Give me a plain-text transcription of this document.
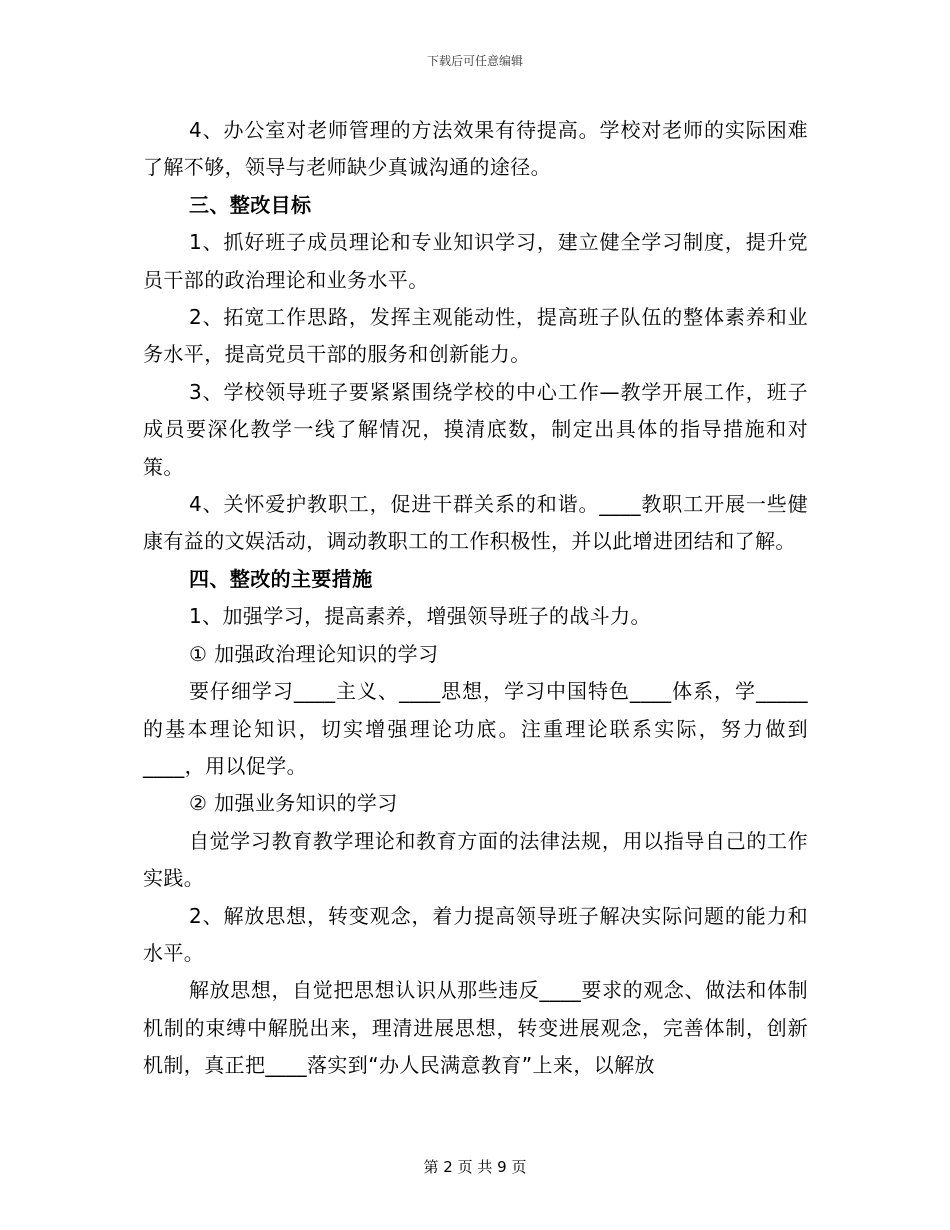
下载后可任意编辑

4、办公室对老师管理的方法效果有待提高。学校对老师的实际困难了解不够，领导与老师缺少真诚沟通的途径。

三、整改目标

1、抓好班子成员理论和专业知识学习，建立健全学习制度，提升党员干部的政治理论和业务水平。

2、拓宽工作思路，发挥主观能动性，提高班子队伍的整体素养和业务水平，提高党员干部的服务和创新能力。

3、学校领导班子要紧紧围绕学校的中心工作—教学开展工作，班子成员要深化教学一线了解情况，摸清底数，制定出具体的指导措施和对策。

4、关怀爱护教职工，促进干群关系的和谐。____教职工开展一些健康有益的文娱活动，调动教职工的工作积极性，并以此增进团结和了解。

四、整改的主要措施

1、加强学习，提高素养，增强领导班子的战斗力。

① 加强政治理论知识的学习

要仔细学习____主义、____思想，学习中国特色____体系，学_____的基本理论知识，切实增强理论功底。注重理论联系实际，努力做到____，用以促学。

② 加强业务知识的学习

自觉学习教育教学理论和教育方面的法律法规，用以指导自己的工作实践。

2、解放思想，转变观念，着力提高领导班子解决实际问题的能力和水平。

解放思想，自觉把思想认识从那些违反____要求的观念、做法和体制机制的束缚中解脱出来，理清进展思想，转变进展观念，完善体制，创新机制，真正把____落实到“办人民满意教育”上来，以解放

第 2 页 共 9 页
